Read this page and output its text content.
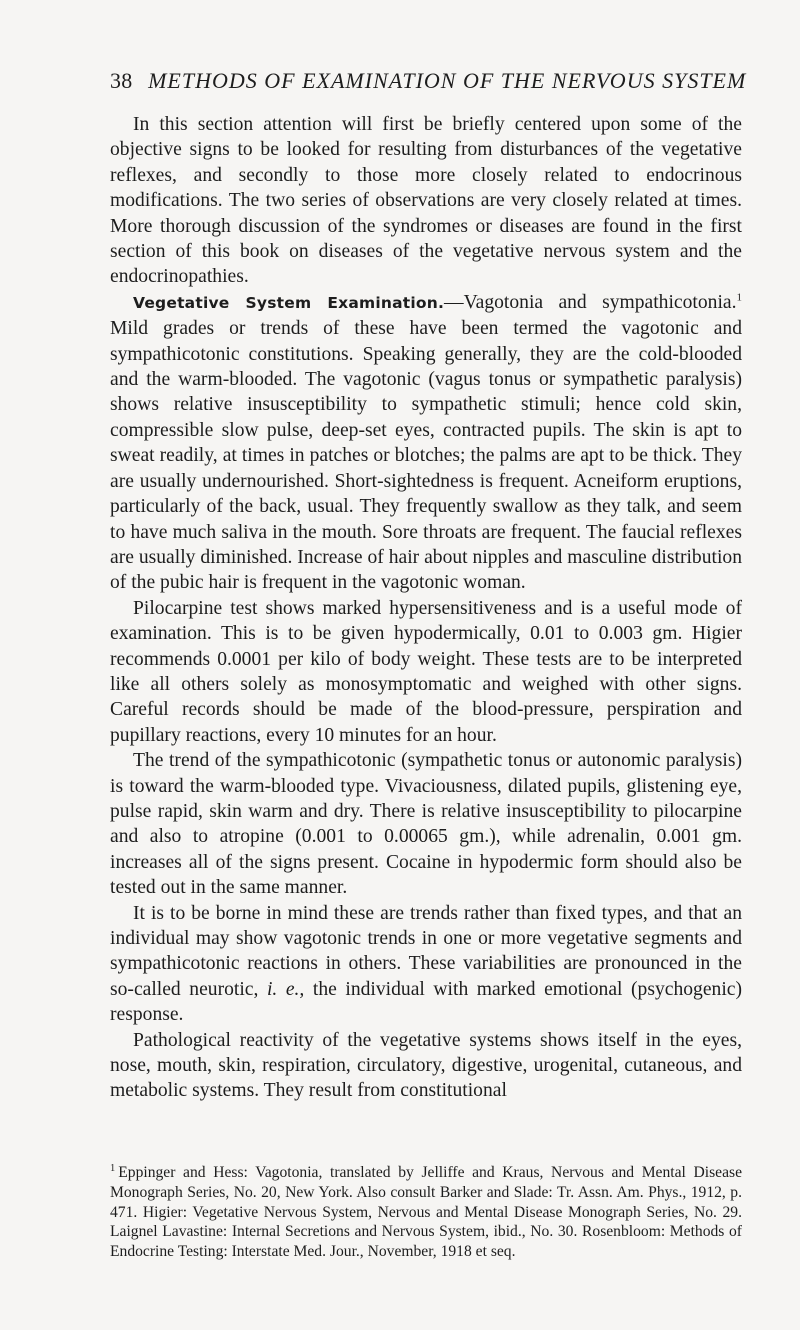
38 METHODS OF EXAMINATION OF THE NERVOUS SYSTEM

In this section attention will first be briefly centered upon some of the objective signs to be looked for resulting from disturbances of the vegetative reflexes, and secondly to those more closely related to endocrinous modifications. The two series of observations are very closely related at times. More thorough discussion of the syndromes or diseases are found in the first section of this book on diseases of the vegetative nervous system and the endocrinopathies.

Vegetative System Examination.—Vagotonia and sympathicotonia.$^1$ Mild grades or trends of these have been termed the vagotonic and sympathicotonic constitutions. Speaking generally, they are the cold-blooded and the warm-blooded. The vagotonic (vagus tonus or sympathetic paralysis) shows relative insusceptibility to sympathetic stimuli; hence cold skin, compressible slow pulse, deep-set eyes, contracted pupils. The skin is apt to sweat readily, at times in patches or blotches; the palms are apt to be thick. They are usually undernourished. Short-sightedness is frequent. Acneiform eruptions, particularly of the back, usual. They frequently swallow as they talk, and seem to have much saliva in the mouth. Sore throats are frequent. The faucial reflexes are usually diminished. Increase of hair about nipples and masculine distribution of the pubic hair is frequent in the vagotonic woman.

Pilocarpine test shows marked hypersensitiveness and is a useful mode of examination. This is to be given hypodermically, 0.01 to 0.003 gm. Higier recommends 0.0001 per kilo of body weight. These tests are to be interpreted like all others solely as monosymptomatic and weighed with other signs. Careful records should be made of the blood-pressure, perspiration and pupillary reactions, every 10 minutes for an hour.

The trend of the sympathicotonic (sympathetic tonus or autonomic paralysis) is toward the warm-blooded type. Vivaciousness, dilated pupils, glistening eye, pulse rapid, skin warm and dry. There is relative insusceptibility to pilocarpine and also to atropine (0.001 to 0.00065 gm.), while adrenalin, 0.001 gm. increases all of the signs present. Cocaine in hypodermic form should also be tested out in the same manner.

It is to be borne in mind these are trends rather than fixed types, and that an individual may show vagotonic trends in one or more vegetative segments and sympathicotonic reactions in others. These variabilities are pronounced in the so-called neurotic, i. e., the individual with marked emotional (psychogenic) response.

Pathological reactivity of the vegetative systems shows itself in the eyes, nose, mouth, skin, respiration, circulatory, digestive, urogenital, cutaneous, and metabolic systems. They result from constitutional

$^1$ Eppinger and Hess: Vagotonia, translated by Jelliffe and Kraus, Nervous and Mental Disease Monograph Series, No. 20, New York. Also consult Barker and Slade: Tr. Assn. Am. Phys., 1912, p. 471. Higier: Vegetative Nervous System, Nervous and Mental Disease Monograph Series, No. 29. Laignel Lavastine: Internal Secretions and Nervous System, ibid., No. 30. Rosenbloom: Methods of Endocrine Testing: Interstate Med. Jour., November, 1918 et seq.
